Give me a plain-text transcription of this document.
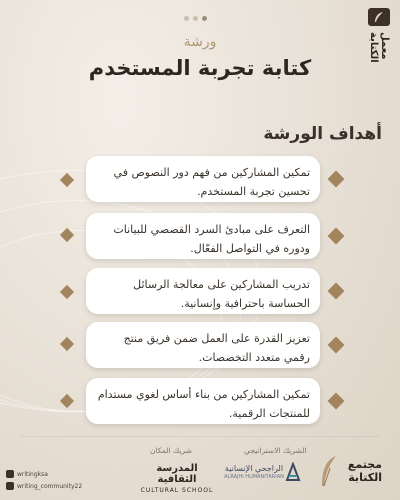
معمل الكتابة
ورشة
كتابة تجربة المستخدم
أهداف الورشة
تمكين المشاركين من فهم دور النصوص في تحسين تجربة المستخدم.
التعرف على مبادئ السرد القصصي للبيانات ودوره في التواصل الفعّال.
تدريب المشاركين على معالجة الرسائل الحساسة باحترافية وإنسانية.
تعزيز القدرة على العمل ضمن فريق منتج رقمي متعدد التخصصات.
تمكين المشاركين من بناء أساس لغوي مستدام للمنتجات الرقمية.
writingksa
writing_community22
شريك المكان	الشريك الاستراتيجي
المدرسة الثقافية
CULTURAL SCHOOL
الراجحي الإنسانية
ALRAJHI HUMANITARIAN
مجتمع الكتابة
